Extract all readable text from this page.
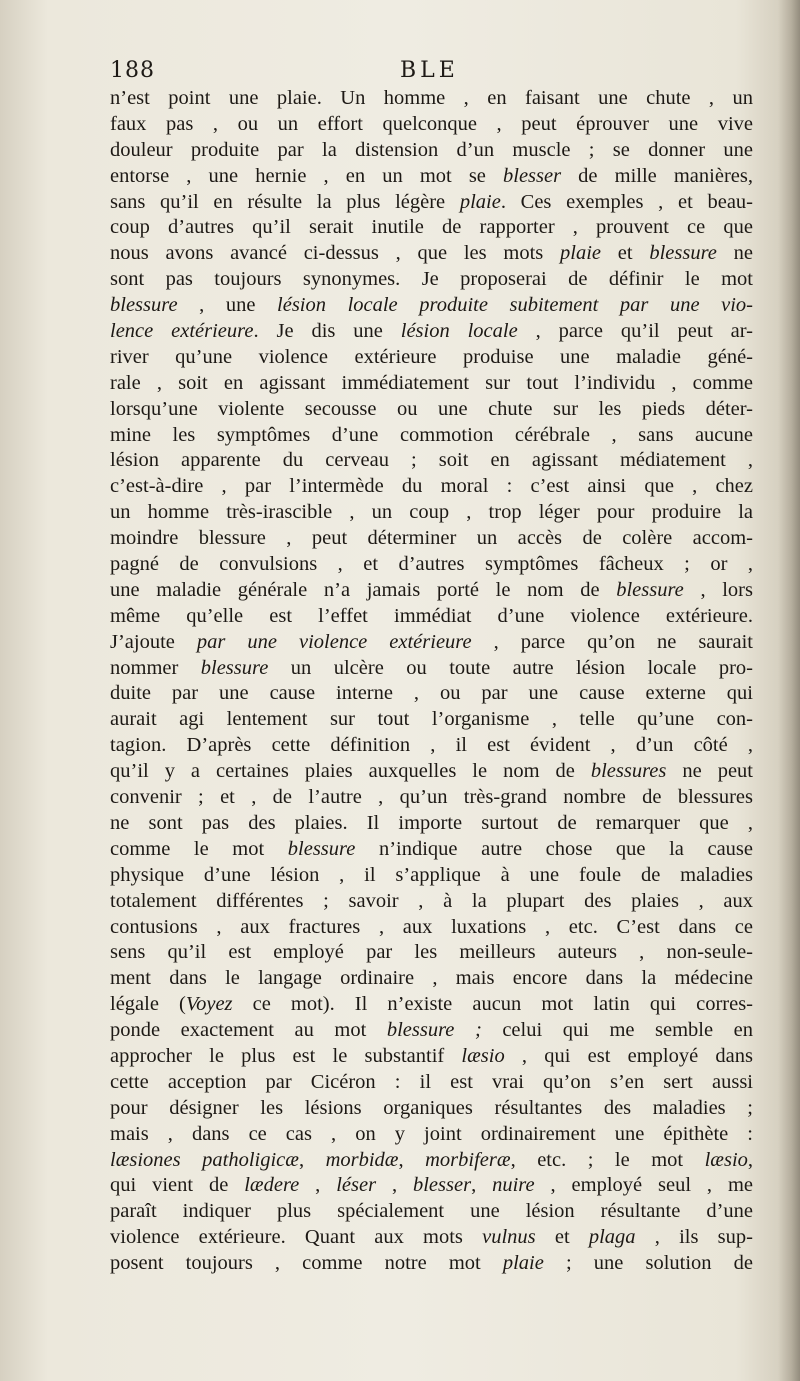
188	BLE
n’est point une plaie. Un homme , en faisant une chute , un
faux pas , ou un effort quelconque , peut éprouver une vive
douleur produite par la distension d’un muscle ; se donner une
entorse , une hernie , en un mot se blesser de mille manières,
sans qu’il en résulte la plus légère plaie. Ces exemples , et beau-
coup d’autres qu’il serait inutile de rapporter , prouvent ce que
nous avons avancé ci-dessus , que les mots plaie et blessure ne
sont pas toujours synonymes. Je proposerai de définir le mot
blessure , une lésion locale produite subitement par une vio-
lence extérieure. Je dis une lésion locale , parce qu’il peut ar-
river qu’une violence extérieure produise une maladie géné-
rale , soit en agissant immédiatement sur tout l’individu , comme
lorsqu’une violente secousse ou une chute sur les pieds déter-
mine les symptômes d’une commotion cérébrale , sans aucune
lésion apparente du cerveau ; soit en agissant médiatement ,
c’est-à-dire , par l’intermède du moral : c’est ainsi que , chez
un homme très-irascible , un coup , trop léger pour produire la
moindre blessure , peut déterminer un accès de colère accom-
pagné de convulsions , et d’autres symptômes fâcheux ; or ,
une maladie générale n’a jamais porté le nom de blessure , lors
même qu’elle est l’effet immédiat d’une violence extérieure.
J’ajoute par une violence extérieure , parce qu’on ne saurait
nommer blessure un ulcère ou toute autre lésion locale pro-
duite par une cause interne , ou par une cause externe qui
aurait agi lentement sur tout l’organisme , telle qu’une con-
tagion. D’après cette définition , il est évident , d’un côté ,
qu’il y a certaines plaies auxquelles le nom de blessures ne peut
convenir ; et , de l’autre , qu’un très-grand nombre de blessures
ne sont pas des plaies. Il importe surtout de remarquer que ,
comme le mot blessure n’indique autre chose que la cause
physique d’une lésion , il s’applique à une foule de maladies
totalement différentes ; savoir , à la plupart des plaies , aux
contusions , aux fractures , aux luxations , etc. C’est dans ce
sens qu’il est employé par les meilleurs auteurs , non-seule-
ment dans le langage ordinaire , mais encore dans la médecine
légale (Voyez ce mot). Il n’existe aucun mot latin qui corres-
ponde exactement au mot blessure ; celui qui me semble en
approcher le plus est le substantif læsio , qui est employé dans
cette acception par Cicéron : il est vrai qu’on s’en sert aussi
pour désigner les lésions organiques résultantes des maladies ;
mais , dans ce cas , on y joint ordinairement une épithète :
læsiones patholigicæ, morbidæ, morbiferæ, etc. ; le mot læsio,
qui vient de lædere , léser , blesser, nuire , employé seul , me
paraît indiquer plus spécialement une lésion résultante d’une
violence extérieure. Quant aux mots vulnus et plaga , ils sup-
posent toujours , comme notre mot plaie ; une solution de
